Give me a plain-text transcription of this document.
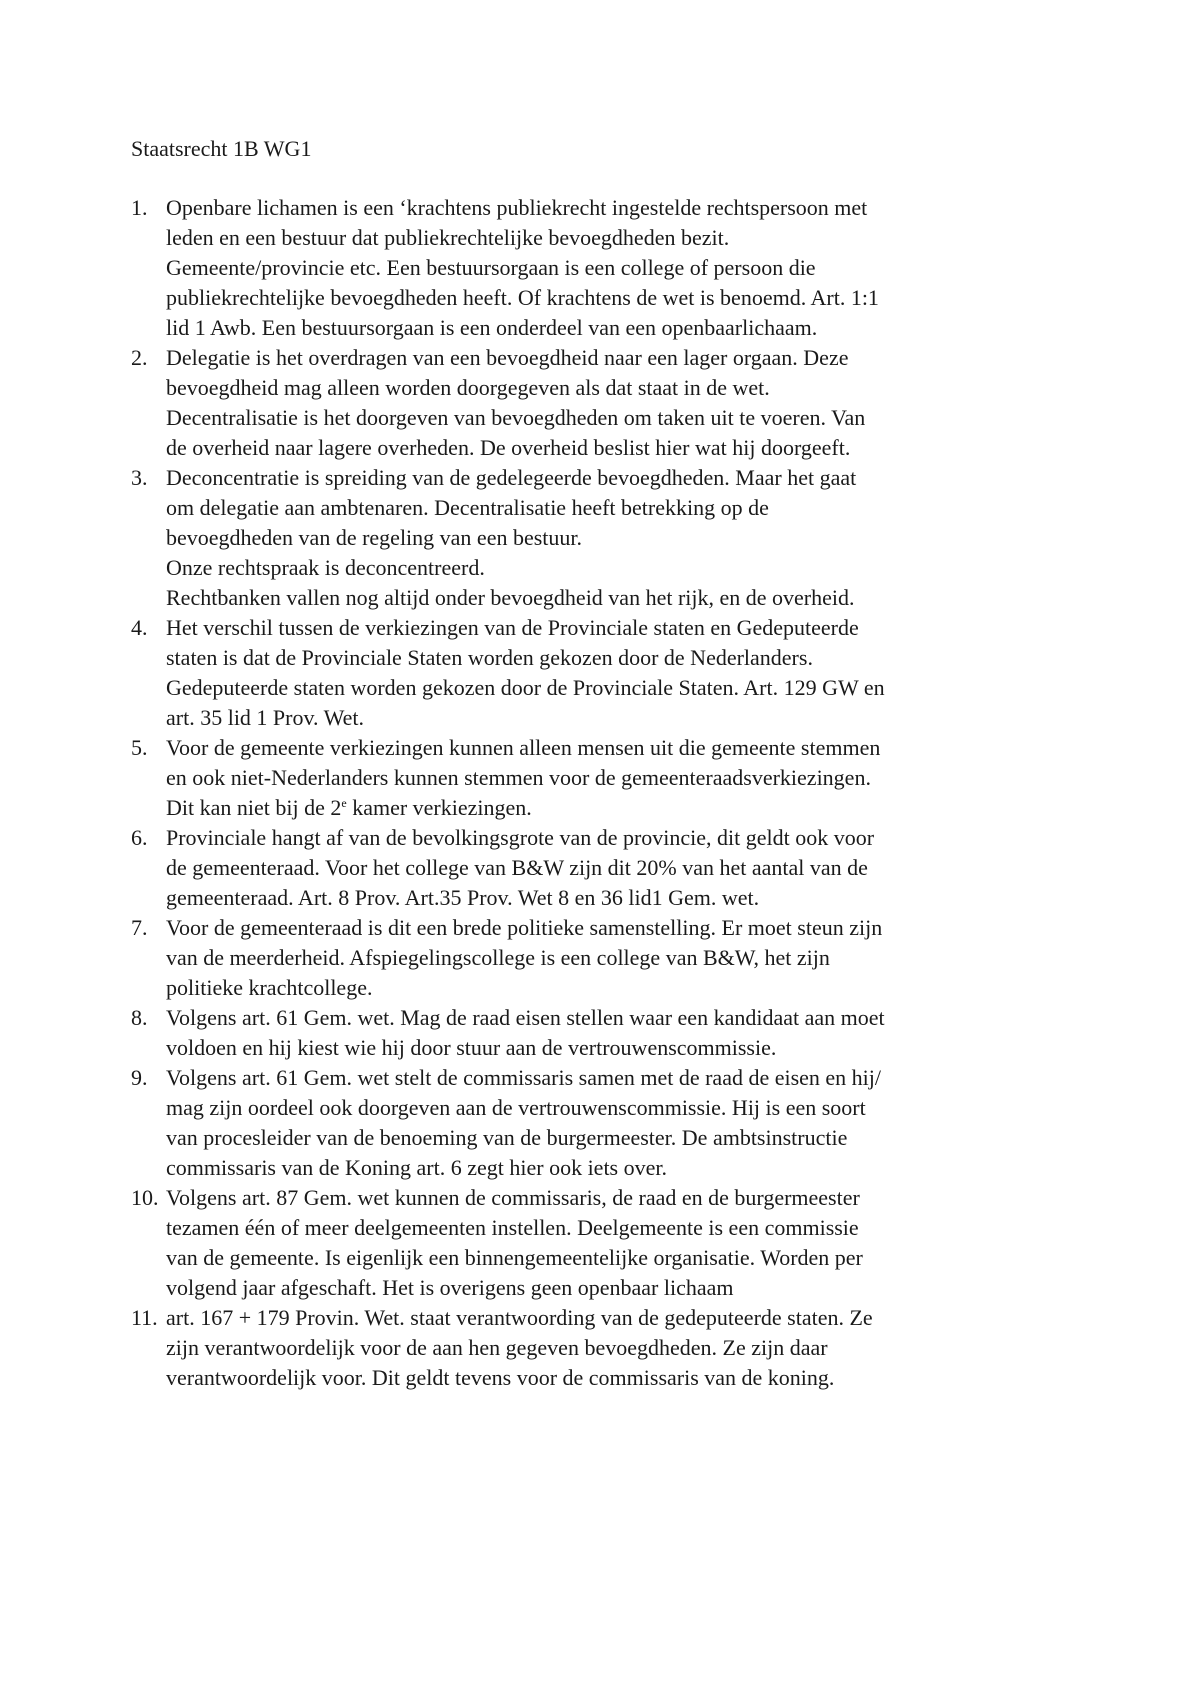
Staatsrecht 1B WG1
1. Openbare lichamen is een ‘krachtens publiekrecht ingestelde rechtspersoon met
leden en een bestuur dat publiekrechtelijke bevoegdheden bezit.
Gemeente/provincie etc. Een bestuursorgaan is een college of persoon die
publiekrechtelijke bevoegdheden heeft. Of krachtens de wet is benoemd. Art. 1:1
lid 1 Awb. Een bestuursorgaan is een onderdeel van een openbaarlichaam.
2. Delegatie is het overdragen van een bevoegdheid naar een lager orgaan. Deze
bevoegdheid mag alleen worden doorgegeven als dat staat in de wet.
Decentralisatie is het doorgeven van bevoegdheden om taken uit te voeren. Van
de overheid naar lagere overheden. De overheid beslist hier wat hij doorgeeft.
3. Deconcentratie is spreiding van de gedelegeerde bevoegdheden. Maar het gaat
om delegatie aan ambtenaren. Decentralisatie heeft betrekking op de
bevoegdheden van de regeling van een bestuur.
Onze rechtspraak is deconcentreerd.
Rechtbanken vallen nog altijd onder bevoegdheid van het rijk, en de overheid.
4. Het verschil tussen de verkiezingen van de Provinciale staten en Gedeputeerde
staten is dat de Provinciale Staten worden gekozen door de Nederlanders.
Gedeputeerde staten worden gekozen door de Provinciale Staten. Art. 129 GW en
art. 35 lid 1 Prov. Wet.
5. Voor de gemeente verkiezingen kunnen alleen mensen uit die gemeente stemmen
en ook niet-Nederlanders kunnen stemmen voor de gemeenteraadsverkiezingen.
Dit kan niet bij de 2e kamer verkiezingen.
6. Provinciale hangt af van de bevolkingsgrote van de provincie, dit geldt ook voor
de gemeenteraad. Voor het college van B&W zijn dit 20% van het aantal van de
gemeenteraad. Art. 8 Prov. Art.35 Prov. Wet 8 en 36 lid1 Gem. wet.
7. Voor de gemeenteraad is dit een brede politieke samenstelling. Er moet steun zijn
van de meerderheid. Afspiegelingscollege is een college van B&W, het zijn
politieke krachtcollege.
8. Volgens art. 61 Gem. wet. Mag de raad eisen stellen waar een kandidaat aan moet
voldoen en hij kiest wie hij door stuur aan de vertrouwenscommissie.
9. Volgens art. 61 Gem. wet stelt de commissaris samen met de raad de eisen en hij/
mag zijn oordeel ook doorgeven aan de vertrouwenscommissie. Hij is een soort
van procesleider van de benoeming van de burgermeester. De ambtsinstructie
commissaris van de Koning art. 6 zegt hier ook iets over.
10. Volgens art. 87 Gem. wet kunnen de commissaris, de raad en de burgermeester
tezamen één of meer deelgemeenten instellen. Deelgemeente is een commissie
van de gemeente. Is eigenlijk een binnengemeentelijke organisatie. Worden per
volgend jaar afgeschaft. Het is overigens geen openbaar lichaam
11. art. 167 + 179 Provin. Wet. staat verantwoording van de gedeputeerde staten. Ze
zijn verantwoordelijk voor de aan hen gegeven bevoegdheden. Ze zijn daar
verantwoordelijk voor. Dit geldt tevens voor de commissaris van de koning.
